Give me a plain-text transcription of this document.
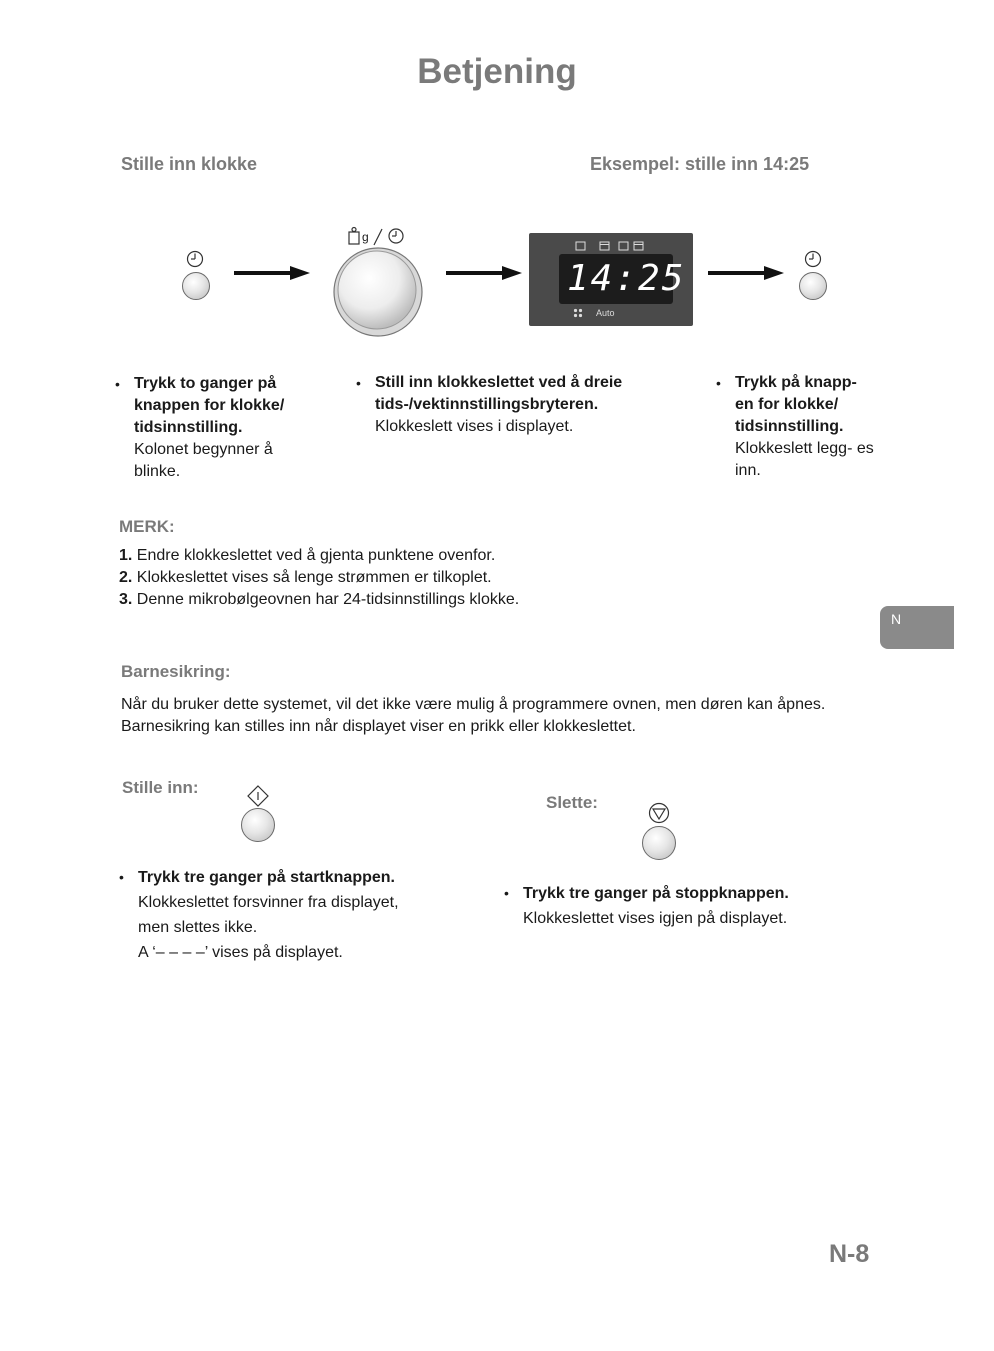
Betjening
Stille inn klokke	Eksempel: stille inn 14:25
g
14:25
Auto
• Trykk to ganger på knappen for klokke/ tidsinnstilling.
Kolonet begynner å blinke.
• Still inn klokkeslettet ved å dreie tids-/vektinnstillingsbryteren.
Klokkeslett vises i displayet.
• Trykk på knapp- en for klokke/ tidsinnstilling.
Klokkeslett legg- es inn.
MERK:
1. Endre klokkeslettet ved å gjenta punktene ovenfor.
2. Klokkeslettet vises så lenge strømmen er tilkoplet.
3. Denne mikrobølgeovnen har 24-tidsinnstillings klokke.
N
Barnesikring:
Når du bruker dette systemet, vil det ikke være mulig å programmere ovnen, men døren kan åpnes. Barnesikring kan stilles inn når displayet viser en prikk eller klokkeslettet.
Stille inn:
Slette:
• Trykk tre ganger på startknappen.
Klokkeslettet forsvinner fra displayet,
men slettes ikke.
A ‘– – – –’ vises på displayet.
• Trykk tre ganger på stoppknappen.
Klokkeslettet vises igjen på displayet.
N-8
